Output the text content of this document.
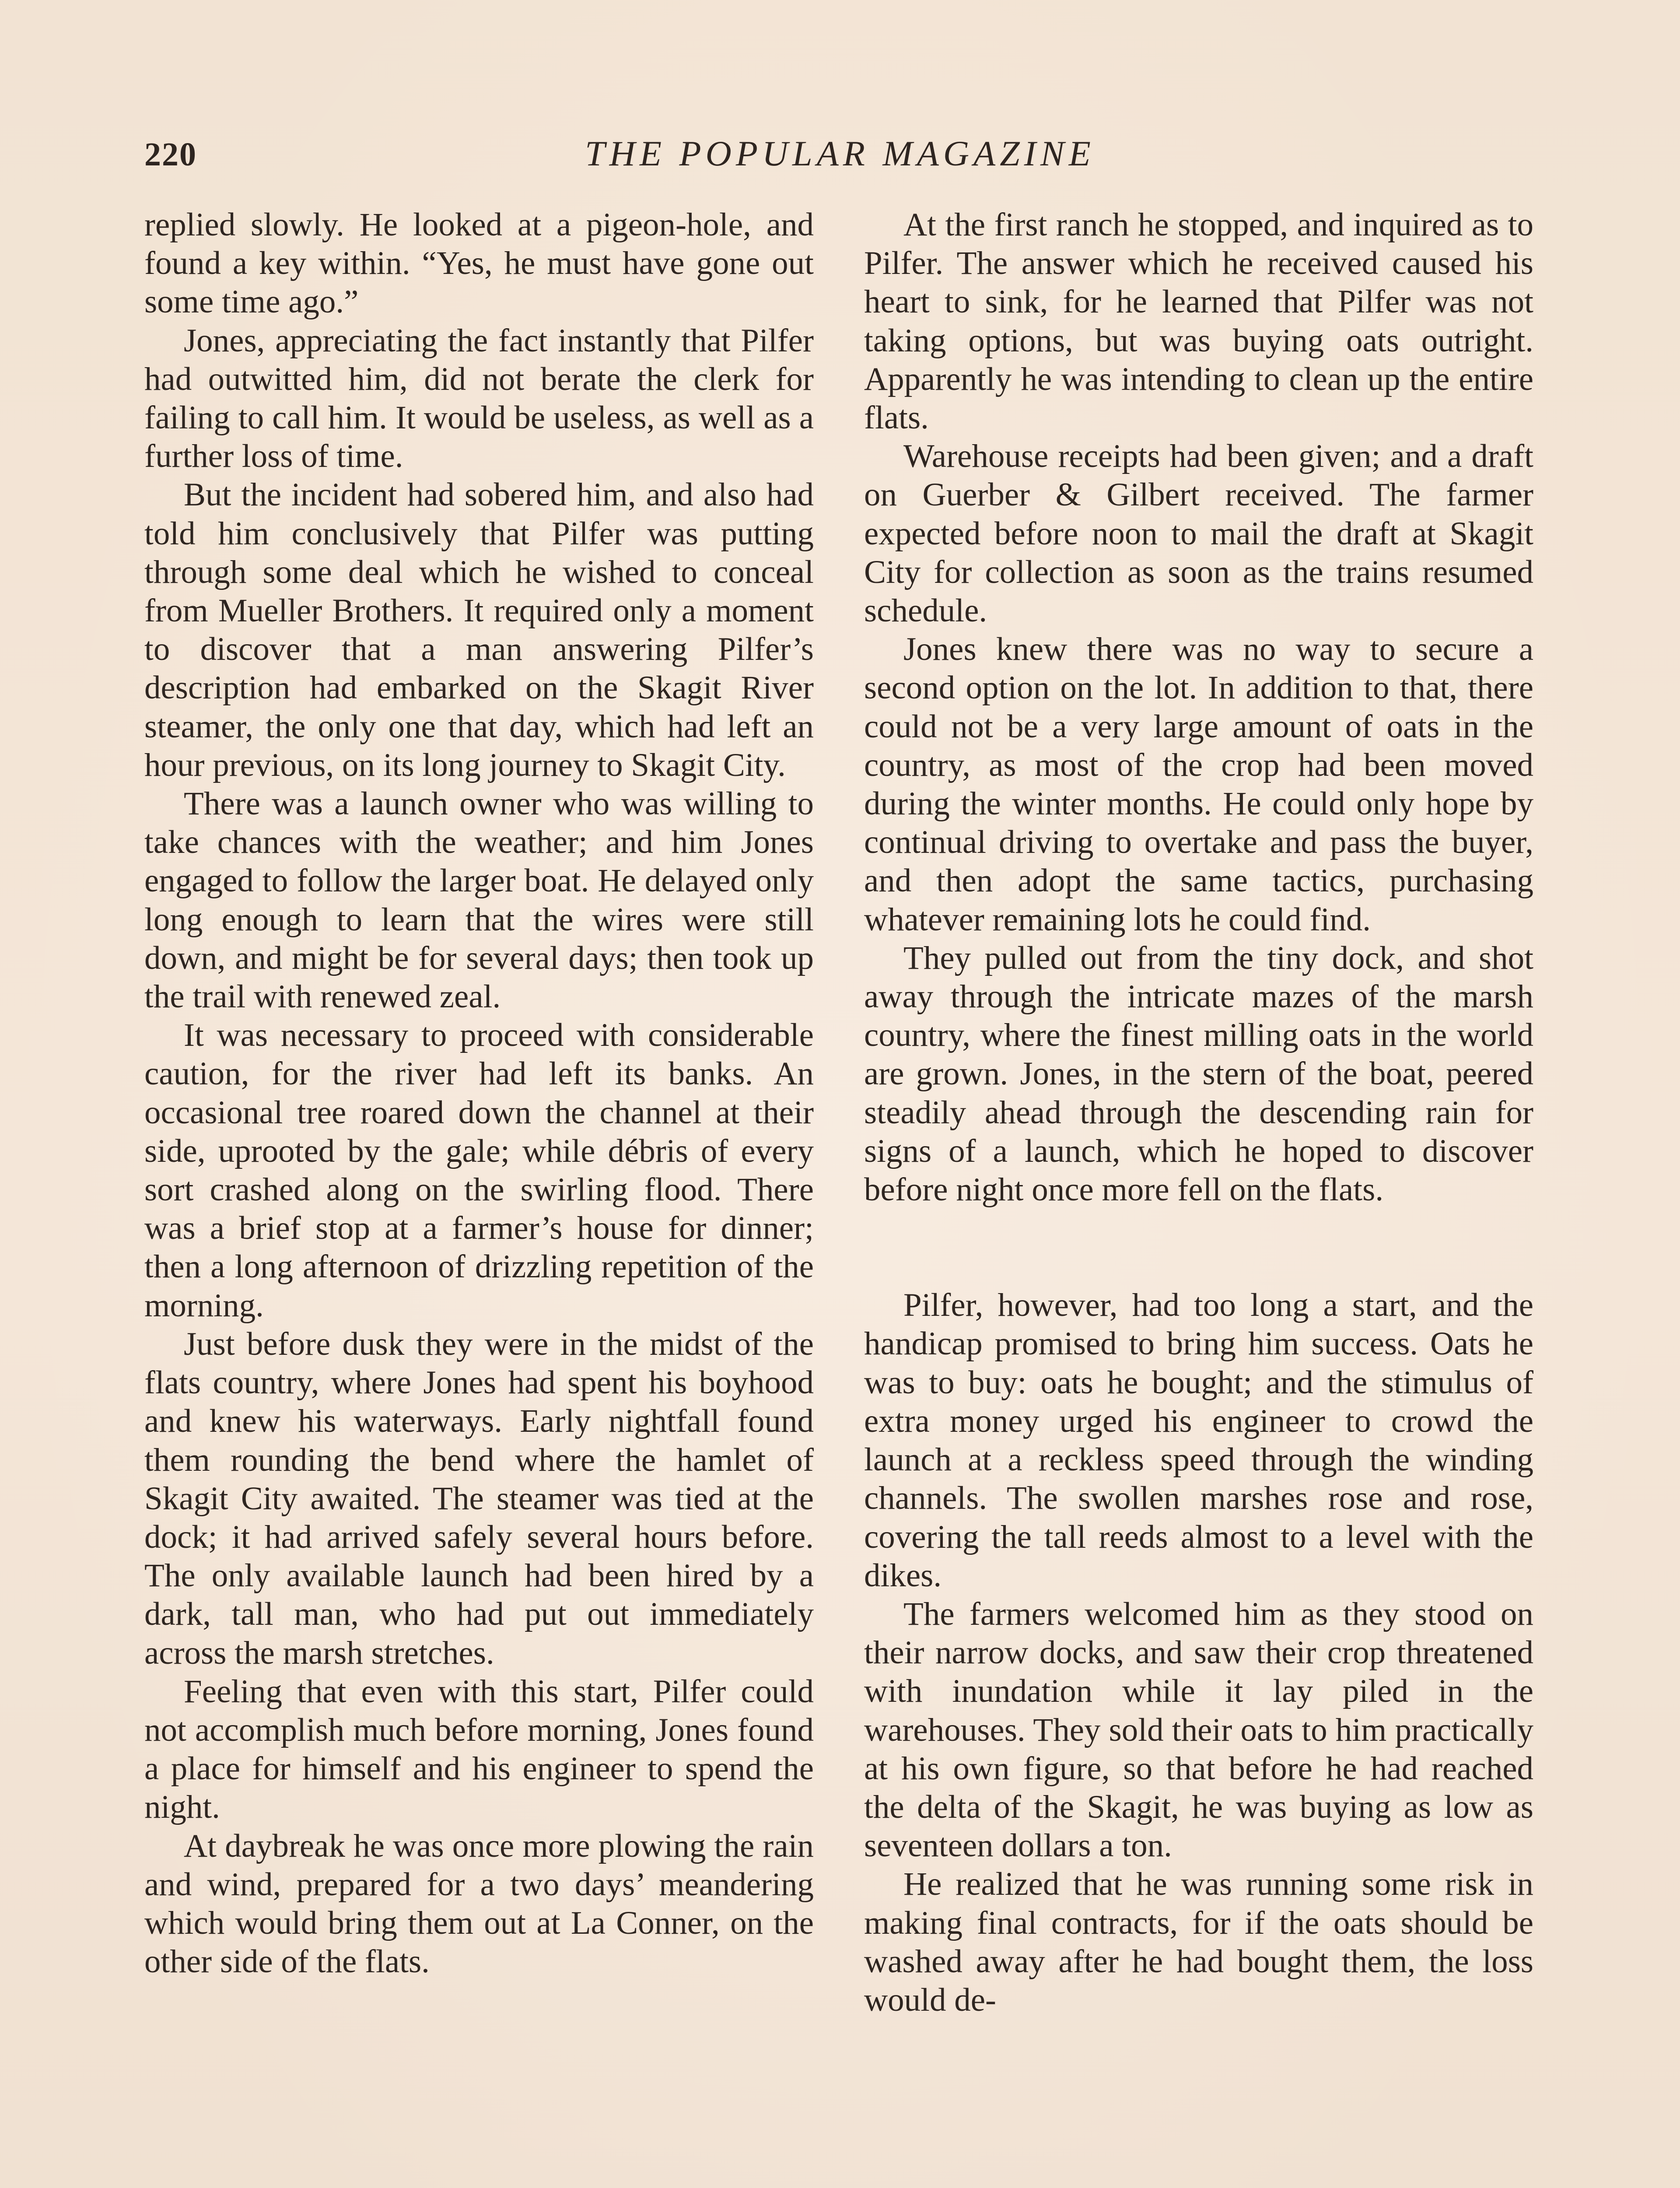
220	THE POPULAR MAGAZINE

replied slowly. He looked at a pigeon-hole, and found a key within. “Yes, he must have gone out some time ago.”

Jones, appreciating the fact instantly that Pilfer had outwitted him, did not berate the clerk for failing to call him. It would be useless, as well as a further loss of time.

But the incident had sobered him, and also had told him conclusively that Pilfer was putting through some deal which he wished to conceal from Mueller Brothers. It required only a moment to discover that a man answering Pilfer’s description had embarked on the Skagit River steamer, the only one that day, which had left an hour previous, on its long journey to Skagit City.

There was a launch owner who was willing to take chances with the weather; and him Jones engaged to follow the larger boat. He delayed only long enough to learn that the wires were still down, and might be for several days; then took up the trail with renewed zeal.

It was necessary to proceed with considerable caution, for the river had left its banks. An occasional tree roared down the channel at their side, uprooted by the gale; while débris of every sort crashed along on the swirling flood. There was a brief stop at a farmer’s house for dinner; then a long afternoon of drizzling repetition of the morning.

Just before dusk they were in the midst of the flats country, where Jones had spent his boyhood and knew his waterways. Early nightfall found them rounding the bend where the hamlet of Skagit City awaited. The steamer was tied at the dock; it had arrived safely several hours before. The only available launch had been hired by a dark, tall man, who had put out immediately across the marsh stretches.

Feeling that even with this start, Pilfer could not accomplish much before morning, Jones found a place for himself and his engineer to spend the night.

At daybreak he was once more plowing the rain and wind, prepared for a two days’ meandering which would bring them out at La Conner, on the other side of the flats.

At the first ranch he stopped, and inquired as to Pilfer. The answer which he received caused his heart to sink, for he learned that Pilfer was not taking options, but was buying oats outright. Apparently he was intending to clean up the entire flats.

Warehouse receipts had been given; and a draft on Guerber & Gilbert received. The farmer expected before noon to mail the draft at Skagit City for collection as soon as the trains resumed schedule.

Jones knew there was no way to secure a second option on the lot. In addition to that, there could not be a very large amount of oats in the country, as most of the crop had been moved during the winter months. He could only hope by continual driving to overtake and pass the buyer, and then adopt the same tactics, purchasing whatever remaining lots he could find.

They pulled out from the tiny dock, and shot away through the intricate mazes of the marsh country, where the finest milling oats in the world are grown. Jones, in the stern of the boat, peered steadily ahead through the descending rain for signs of a launch, which he hoped to discover before night once more fell on the flats.

Pilfer, however, had too long a start, and the handicap promised to bring him success. Oats he was to buy: oats he bought; and the stimulus of extra money urged his engineer to crowd the launch at a reckless speed through the winding channels. The swollen marshes rose and rose, covering the tall reeds almost to a level with the dikes.

The farmers welcomed him as they stood on their narrow docks, and saw their crop threatened with inundation while it lay piled in the warehouses. They sold their oats to him practically at his own figure, so that before he had reached the delta of the Skagit, he was buying as low as seventeen dollars a ton.

He realized that he was running some risk in making final contracts, for if the oats should be washed away after he had bought them, the loss would de-
